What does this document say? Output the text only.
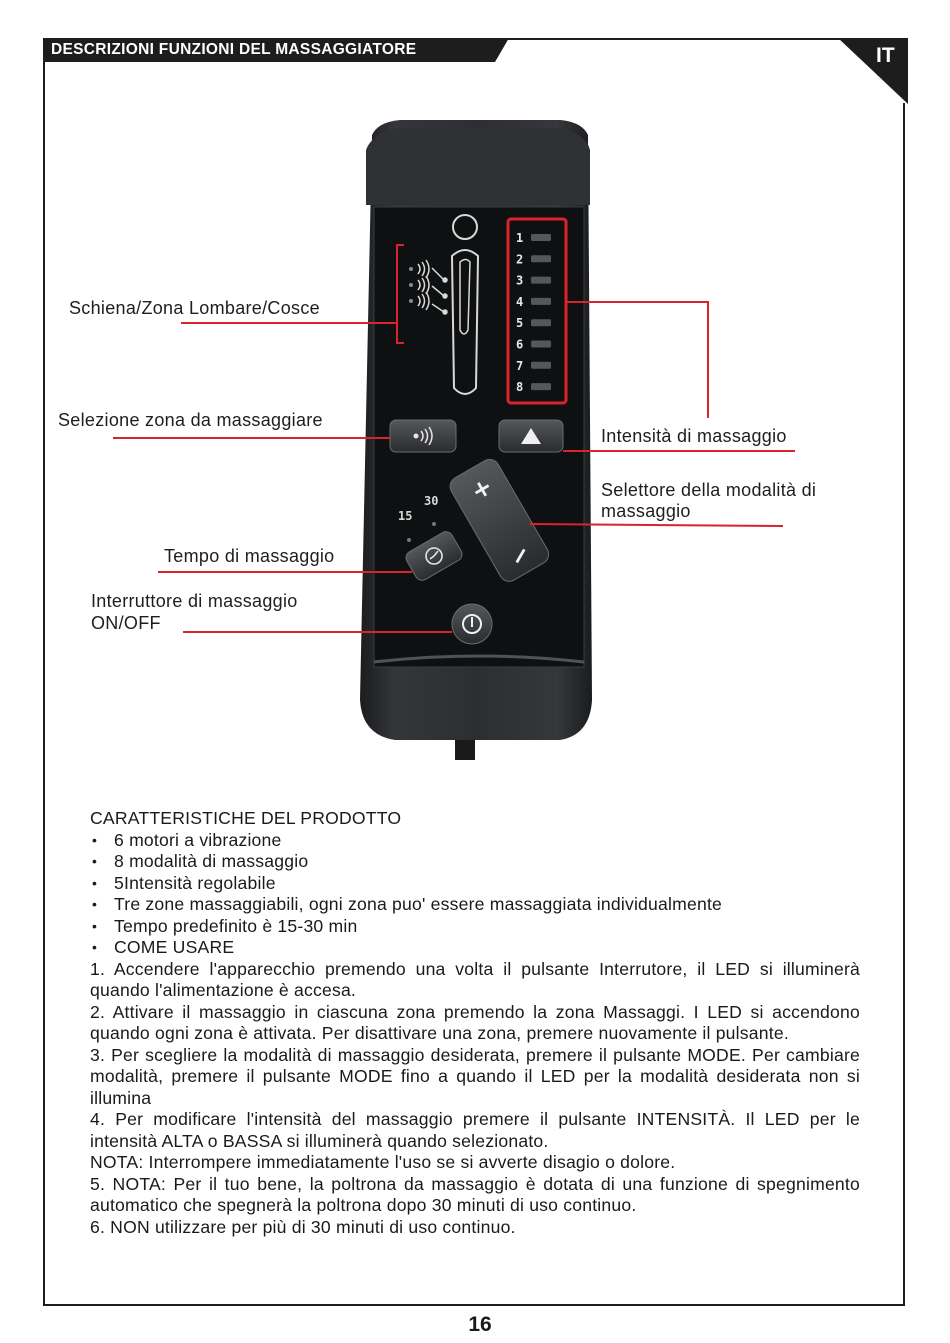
DESCRIZIONI FUNZIONI DEL MASSAGGIATORE	IT
1
2
3
4
5
6
7
8
+
−
15
30
Schiena/Zona Lombare/Cosce
Selezione zona da massaggiare
Intensità di massaggio
Selettore della modalità di
massaggio
Tempo di massaggio
Interruttore di massaggio
ON/OFF

CARATTERISTICHE DEL PRODOTTO

• 6 motori a vibrazione
• 8 modalità di massaggio
• 5Intensità regolabile
• Tre zone massaggiabili, ogni zona puo' essere massaggiata individualmente
• Tempo predefinito è 15-30 min
• COME USARE

1. Accendere l'apparecchio premendo una volta il pulsante Interrutore, il LED si illuminerà quando l'alimentazione è accesa.

2. Attivare il massaggio in ciascuna zona premendo la zona Massaggi. I LED si accendono quando ogni zona è attivata. Per disattivare una zona, premere nuovamente il pulsante.

3. Per scegliere la modalità di massaggio desiderata, premere il pulsante MODE. Per cambiare modalità, premere il pulsante MODE fino a quando il LED per la modalità desiderata non si illumina

4. Per modificare l'intensità del massaggio premere il pulsante INTENSITÀ. Il LED per le intensità ALTA o BASSA si illuminerà quando selezionato.

NOTA: Interrompere immediatamente l'uso se si avverte disagio o dolore.

5. NOTA: Per il tuo bene, la poltrona da massaggio è dotata di una funzione di spegnimento automatico che spegnerà la poltrona dopo 30 minuti di uso continuo.

6. NON utilizzare per più di 30 minuti di uso continuo.

16
